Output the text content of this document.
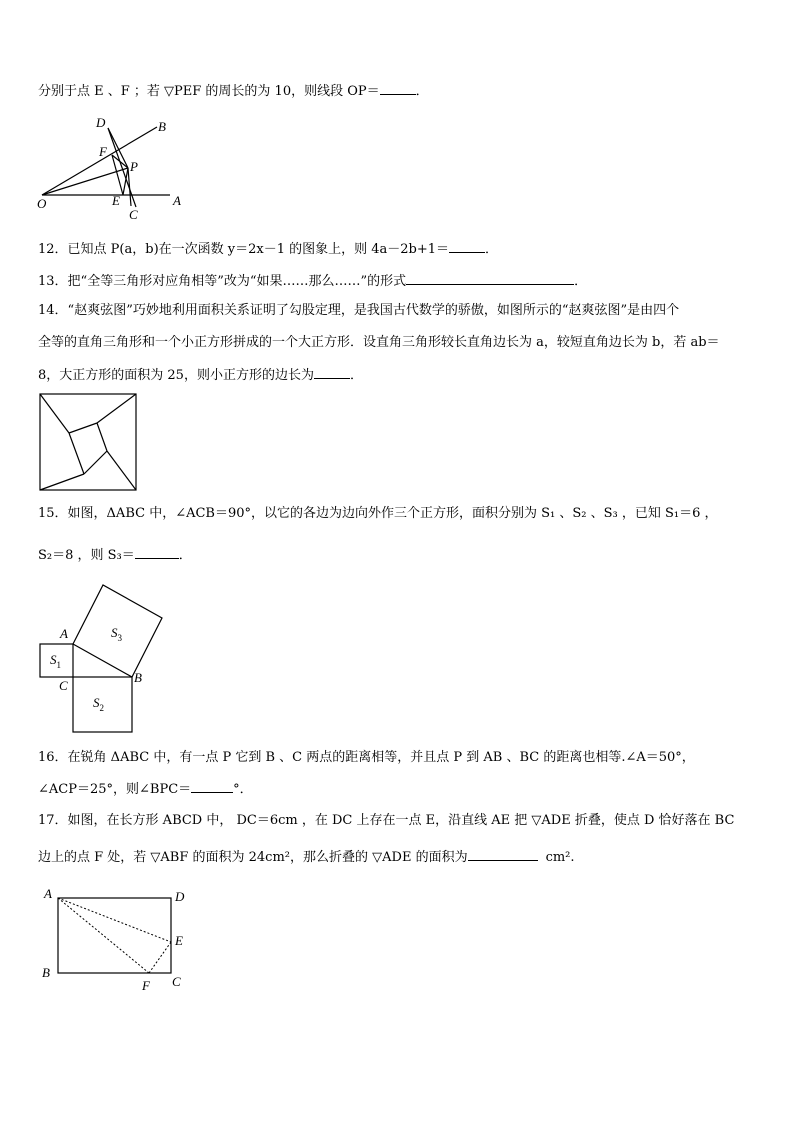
分别于点 E 、F ；若 ▽PEF 的周长的为 10，则线段 OP＝	．
D	B
F
P
O	E	A
C
12．已知点 P(a，b)在一次函数 y＝2x－1 的图象上，则 4a－2b+1＝	．
13．把“全等三角形对应角相等”改为“如果……那么……”的形式	．
14．“赵爽弦图”巧妙地利用面积关系证明了勾股定理，是我国古代数学的骄傲，如图所示的“赵爽弦图”是由四个
全等的直角三角形和一个小正方形拼成的一个大正方形．设直角三角形较长直角边长为 a，较短直角边长为 b，若 ab＝
8，大正方形的面积为 25，则小正方形的边长为	．
15．如图，ΔABC 中，∠ACB＝90°，以它的各边为边向外作三个正方形，面积分别为 S₁ 、S₂ 、S₃ ，已知 S₁＝6 ，
S₂＝8 ，则 S₃＝	．
A
B
C
$S_1$
$S_2$
$S_3$
16．在锐角 ΔABC 中，有一点 P 它到 B 、C 两点的距离相等，并且点 P 到 AB 、BC 的距离也相等.∠A＝50°，
∠ACP＝25°，则∠BPC＝	°．
17．如图，在长方形 ABCD 中， DC＝6cm ，在 DC 上存在一点 E，沿直线 AE 把 ▽ADE 折叠，使点 D 恰好落在 BC
边上的点 F 处，若 ▽ABF 的面积为 24cm²，那么折叠的 ▽ADE 的面积为	cm².
A	D
E
B
F C
